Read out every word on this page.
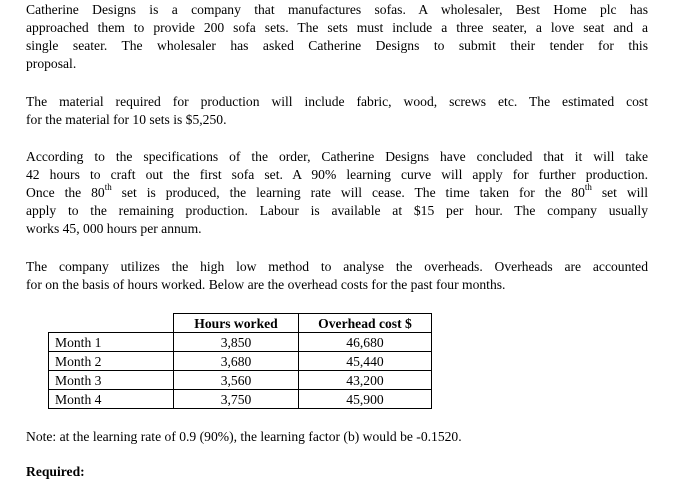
Catherine Designs is a company that manufactures sofas. A wholesaler, Best Home plc has
approached them to provide 200 sofa sets. The sets must include a three seater, a love seat and a
single seater. The wholesaler has asked Catherine Designs to submit their tender for this
proposal.
The material required for production will include fabric, wood, screws etc. The estimated cost
for the material for 10 sets is $5,250.
According to the specifications of the order, Catherine Designs have concluded that it will take
42 hours to craft out the first sofa set. A 90% learning curve will apply for further production.
Once the 80th set is produced, the learning rate will cease. The time taken for the 80th set will
apply to the remaining production. Labour is available at $15 per hour. The company usually
works 45, 000 hours per annum.
The company utilizes the high low method to analyse the overheads. Overheads are accounted
for on the basis of hours worked. Below are the overhead costs for the past four months.
	Hours worked	Overhead cost $
Month 1	3,850	46,680
Month 2	3,680	45,440
Month 3	3,560	43,200
Month 4	3,750	45,900
Note: at the learning rate of 0.9 (90%), the learning factor (b) would be -0.1520.
Required:
